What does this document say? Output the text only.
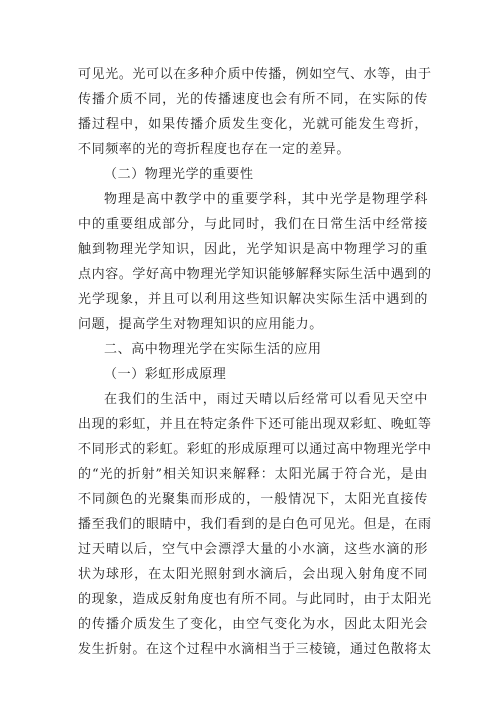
可见光。光可以在多种介质中传播，例如空气、水等，由于
传播介质不同，光的传播速度也会有所不同，在实际的传
播过程中，如果传播介质发生变化，光就可能发生弯折，
不同频率的光的弯折程度也存在一定的差异。
（二）物理光学的重要性
物理是高中教学中的重要学科，其中光学是物理学科
中的重要组成部分，与此同时，我们在日常生活中经常接
触到物理光学知识，因此，光学知识是高中物理学习的重
点内容。学好高中物理光学知识能够解释实际生活中遇到的
光学现象，并且可以利用这些知识解决实际生活中遇到的
问题，提高学生对物理知识的应用能力。
二、高中物理光学在实际生活的应用
（一）彩虹形成原理
在我们的生活中，雨过天晴以后经常可以看见天空中
出现的彩虹，并且在特定条件下还可能出现双彩虹、晚虹等
不同形式的彩虹。彩虹的形成原理可以通过高中物理光学中
的“光的折射”相关知识来解释：太阳光属于符合光，是由
不同颜色的光聚集而形成的，一般情况下，太阳光直接传
播至我们的眼睛中，我们看到的是白色可见光。但是，在雨
过天晴以后，空气中会漂浮大量的小水滴，这些水滴的形
状为球形，在太阳光照射到水滴后，会出现入射角度不同
的现象，造成反射角度也有所不同。与此同时，由于太阳光
的传播介质发生了变化，由空气变化为水，因此太阳光会
发生折射。在这个过程中水滴相当于三棱镜，通过色散将太
